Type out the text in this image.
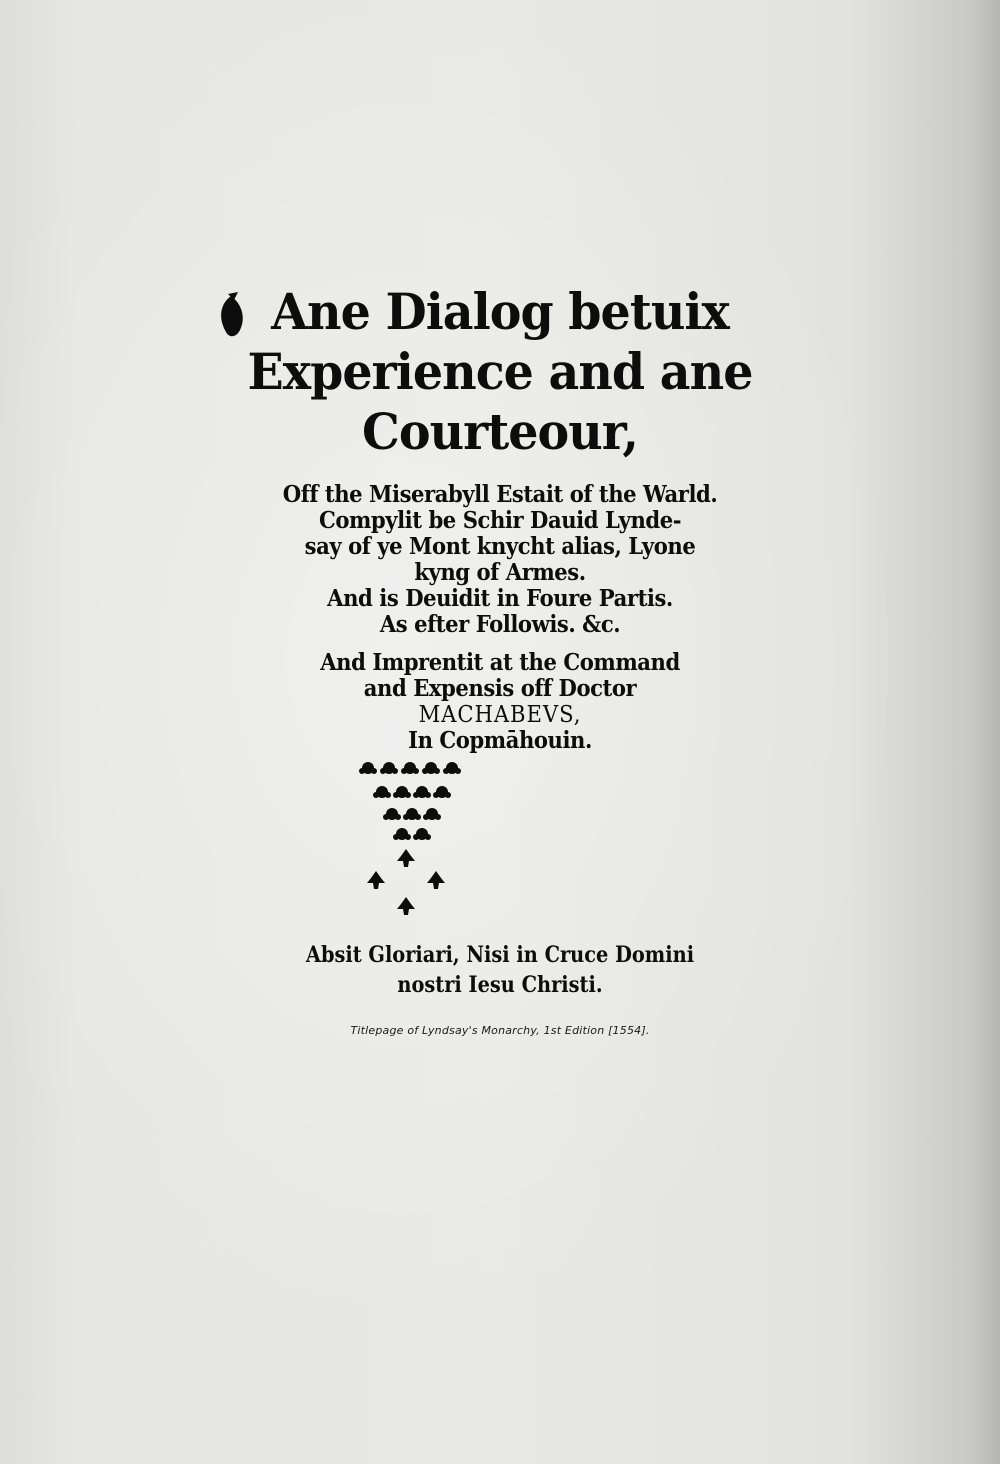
Ane Dialog betuix
Experience and ane
Courteour,
Off the Miserabyll Estait of the Warld.
Compylit be Schir Dauid Lynde-
say of ye Mont knycht alias, Lyone
kyng of Armes.
And is Deuidit in Foure Partis.
As efter Followis. &c.
And Imprentit at the Command
and Expensis off Doctor
MACHABEVS,
In Copmāhouin.
Absit Gloriari, Nisi in Cruce Domini
nostri Iesu Christi.
Titlepage of Lyndsay's Monarchy, 1st Edition [1554].
